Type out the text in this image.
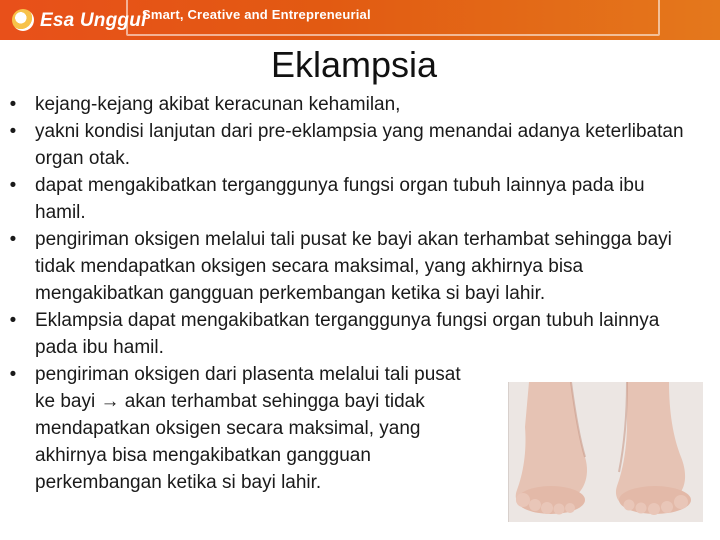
Esa Unggul
Smart, Creative and Entrepreneurial
Eklampsia
• kejang-kejang akibat keracunan kehamilan,
• yakni kondisi lanjutan dari pre-eklampsia yang menandai adanya keterlibatan organ otak.
• dapat mengakibatkan terganggunya fungsi organ tubuh lainnya pada ibu hamil.
• pengiriman oksigen melalui tali pusat ke bayi akan terhambat sehingga bayi tidak mendapatkan oksigen secara maksimal, yang akhirnya bisa mengakibatkan gangguan perkembangan ketika si bayi lahir.
• Eklampsia dapat mengakibatkan terganggunya fungsi organ tubuh lainnya pada ibu hamil.
• pengiriman oksigen dari plasenta melalui tali pusat ke bayi → akan terhambat sehingga bayi tidak mendapatkan oksigen secara maksimal, yang akhirnya bisa mengakibatkan gangguan perkembangan ketika si bayi lahir.
